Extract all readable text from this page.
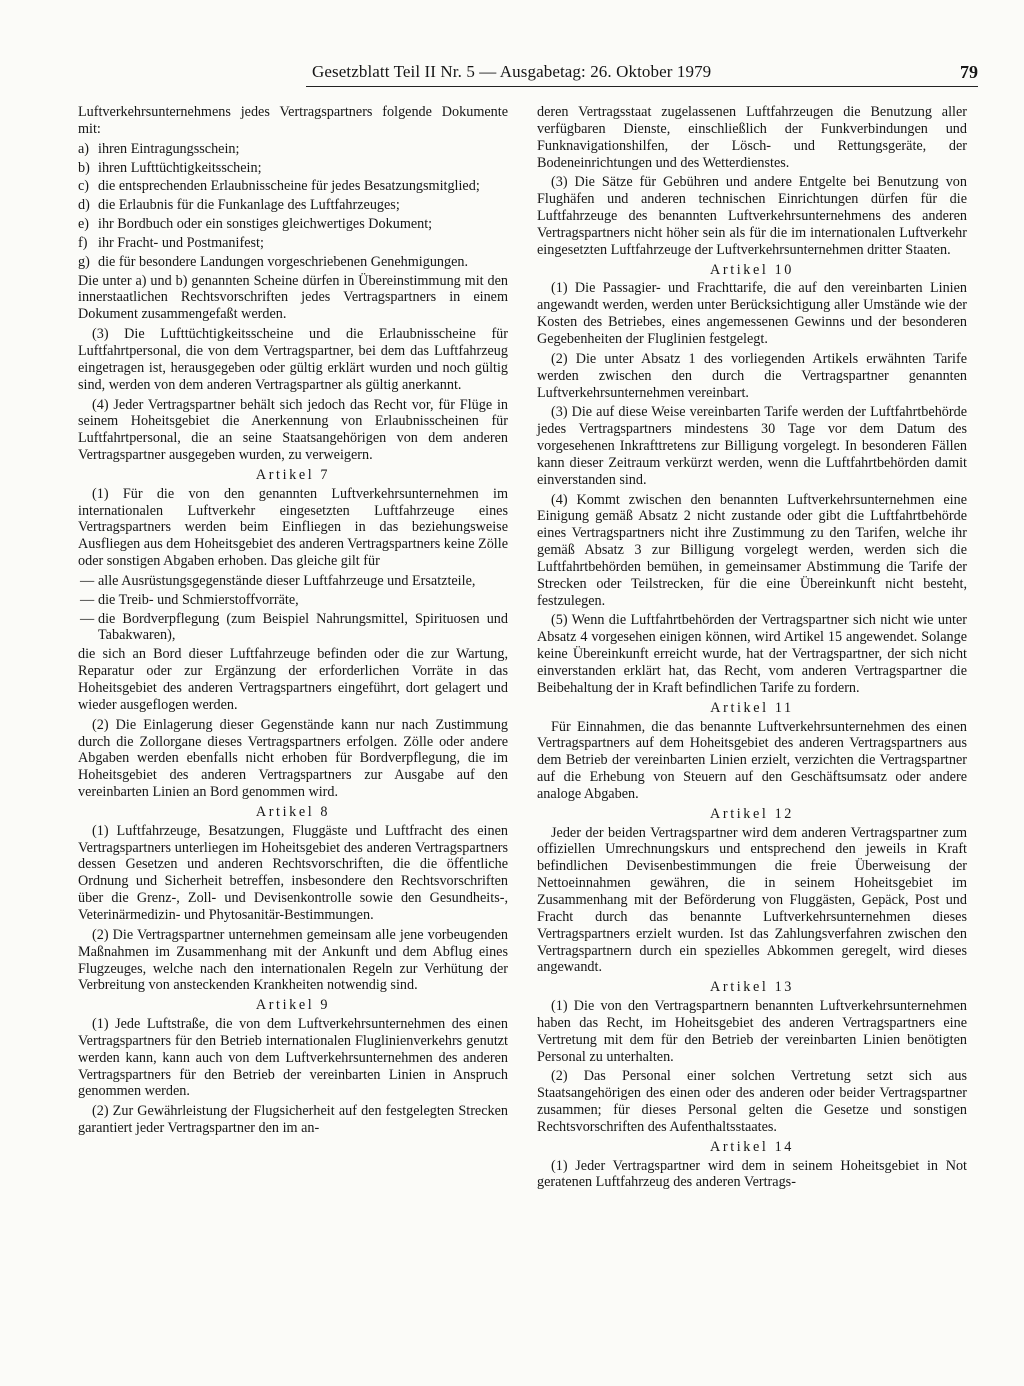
Gesetzblatt Teil II Nr. 5 — Ausgabetag: 26. Oktober 1979	79

Luftverkehrsunternehmens jedes Vertragspartners folgende Dokumente mit:

a) ihren Eintragungsschein;
b) ihren Lufttüchtigkeitsschein;
c) die entsprechenden Erlaubnisscheine für jedes Besatzungsmitglied;
d) die Erlaubnis für die Funkanlage des Luftfahrzeuges;
e) ihr Bordbuch oder ein sonstiges gleichwertiges Dokument;
f) ihr Fracht- und Postmanifest;
g) die für besondere Landungen vorgeschriebenen Genehmigungen.

Die unter a) und b) genannten Scheine dürfen in Übereinstimmung mit den innerstaatlichen Rechtsvorschriften jedes Vertragspartners in einem Dokument zusammengefaßt werden.

(3) Die Lufttüchtigkeitsscheine und die Erlaubnisscheine für Luftfahrtpersonal, die von dem Vertragspartner, bei dem das Luftfahrzeug eingetragen ist, herausgegeben oder gültig erklärt wurden und noch gültig sind, werden von dem anderen Vertragspartner als gültig anerkannt.

(4) Jeder Vertragspartner behält sich jedoch das Recht vor, für Flüge in seinem Hoheitsgebiet die Anerkennung von Erlaubnisscheinen für Luftfahrtpersonal, die an seine Staatsangehörigen von dem anderen Vertragspartner ausgegeben wurden, zu verweigern.

Artikel 7

(1) Für die von den genannten Luftverkehrsunternehmen im internationalen Luftverkehr eingesetzten Luftfahrzeuge eines Vertragspartners werden beim Einfliegen in das beziehungsweise Ausfliegen aus dem Hoheitsgebiet des anderen Vertragspartners keine Zölle oder sonstigen Abgaben erhoben. Das gleiche gilt für

— alle Ausrüstungsgegenstände dieser Luftfahrzeuge und Ersatzteile,
— die Treib- und Schmierstoffvorräte,
— die Bordverpflegung (zum Beispiel Nahrungsmittel, Spirituosen und Tabakwaren),

die sich an Bord dieser Luftfahrzeuge befinden oder die zur Wartung, Reparatur oder zur Ergänzung der erforderlichen Vorräte in das Hoheitsgebiet des anderen Vertragspartners eingeführt, dort gelagert und wieder ausgeflogen werden.

(2) Die Einlagerung dieser Gegenstände kann nur nach Zustimmung durch die Zollorgane dieses Vertragspartners erfolgen. Zölle oder andere Abgaben werden ebenfalls nicht erhoben für Bordverpflegung, die im Hoheitsgebiet des anderen Vertragspartners zur Ausgabe auf den vereinbarten Linien an Bord genommen wird.

Artikel 8

(1) Luftfahrzeuge, Besatzungen, Fluggäste und Luftfracht des einen Vertragspartners unterliegen im Hoheitsgebiet des anderen Vertragspartners dessen Gesetzen und anderen Rechtsvorschriften, die die öffentliche Ordnung und Sicherheit betreffen, insbesondere den Rechtsvorschriften über die Grenz-, Zoll- und Devisenkontrolle sowie den Gesundheits-, Veterinärmedizin- und Phytosanitär-Bestimmungen.

(2) Die Vertragspartner unternehmen gemeinsam alle jene vorbeugenden Maßnahmen im Zusammenhang mit der Ankunft und dem Abflug eines Flugzeuges, welche nach den internationalen Regeln zur Verhütung der Verbreitung von ansteckenden Krankheiten notwendig sind.

Artikel 9

(1) Jede Luftstraße, die von dem Luftverkehrsunternehmen des einen Vertragspartners für den Betrieb internationalen Fluglinienverkehrs genutzt werden kann, kann auch von dem Luftverkehrsunternehmen des anderen Vertragspartners für den Betrieb der vereinbarten Linien in Anspruch genommen werden.

(2) Zur Gewährleistung der Flugsicherheit auf den festgelegten Strecken garantiert jeder Vertragspartner den im an-

deren Vertragsstaat zugelassenen Luftfahrzeugen die Benutzung aller verfügbaren Dienste, einschließlich der Funkverbindungen und Funknavigationshilfen, der Lösch- und Rettungsgeräte, der Bodeneinrichtungen und des Wetterdienstes.

(3) Die Sätze für Gebühren und andere Entgelte bei Benutzung von Flughäfen und anderen technischen Einrichtungen dürfen für die Luftfahrzeuge des benannten Luftverkehrsunternehmens des anderen Vertragspartners nicht höher sein als für die im internationalen Luftverkehr eingesetzten Luftfahrzeuge der Luftverkehrsunternehmen dritter Staaten.

Artikel 10

(1) Die Passagier- und Frachttarife, die auf den vereinbarten Linien angewandt werden, werden unter Berücksichtigung aller Umstände wie der Kosten des Betriebes, eines angemessenen Gewinns und der besonderen Gegebenheiten der Fluglinien festgelegt.

(2) Die unter Absatz 1 des vorliegenden Artikels erwähnten Tarife werden zwischen den durch die Vertragspartner genannten Luftverkehrsunternehmen vereinbart.

(3) Die auf diese Weise vereinbarten Tarife werden der Luftfahrtbehörde jedes Vertragspartners mindestens 30 Tage vor dem Datum des vorgesehenen Inkrafttretens zur Billigung vorgelegt. In besonderen Fällen kann dieser Zeitraum verkürzt werden, wenn die Luftfahrtbehörden damit einverstanden sind.

(4) Kommt zwischen den benannten Luftverkehrsunternehmen eine Einigung gemäß Absatz 2 nicht zustande oder gibt die Luftfahrtbehörde eines Vertragspartners nicht ihre Zustimmung zu den Tarifen, welche ihr gemäß Absatz 3 zur Billigung vorgelegt werden, werden sich die Luftfahrtbehörden bemühen, in gemeinsamer Abstimmung die Tarife der Strecken oder Teilstrecken, für die eine Übereinkunft nicht besteht, festzulegen.

(5) Wenn die Luftfahrtbehörden der Vertragspartner sich nicht wie unter Absatz 4 vorgesehen einigen können, wird Artikel 15 angewendet. Solange keine Übereinkunft erreicht wurde, hat der Vertragspartner, der sich nicht einverstanden erklärt hat, das Recht, vom anderen Vertragspartner die Beibehaltung der in Kraft befindlichen Tarife zu fordern.

Artikel 11

Für Einnahmen, die das benannte Luftverkehrsunternehmen des einen Vertragspartners auf dem Hoheitsgebiet des anderen Vertragspartners aus dem Betrieb der vereinbarten Linien erzielt, verzichten die Vertragspartner auf die Erhebung von Steuern auf den Geschäftsumsatz oder andere analoge Abgaben.

Artikel 12

Jeder der beiden Vertragspartner wird dem anderen Vertragspartner zum offiziellen Umrechnungskurs und entsprechend den jeweils in Kraft befindlichen Devisenbestimmungen die freie Überweisung der Nettoeinnahmen gewähren, die in seinem Hoheitsgebiet im Zusammenhang mit der Beförderung von Fluggästen, Gepäck, Post und Fracht durch das benannte Luftverkehrsunternehmen dieses Vertragspartners erzielt wurden. Ist das Zahlungsverfahren zwischen den Vertragspartnern durch ein spezielles Abkommen geregelt, wird dieses angewandt.

Artikel 13

(1) Die von den Vertragspartnern benannten Luftverkehrsunternehmen haben das Recht, im Hoheitsgebiet des anderen Vertragspartners eine Vertretung mit dem für den Betrieb der vereinbarten Linien benötigten Personal zu unterhalten.

(2) Das Personal einer solchen Vertretung setzt sich aus Staatsangehörigen des einen oder des anderen oder beider Vertragspartner zusammen; für dieses Personal gelten die Gesetze und sonstigen Rechtsvorschriften des Aufenthaltsstaates.

Artikel 14

(1) Jeder Vertragspartner wird dem in seinem Hoheitsgebiet in Not geratenen Luftfahrzeug des anderen Vertrags-
